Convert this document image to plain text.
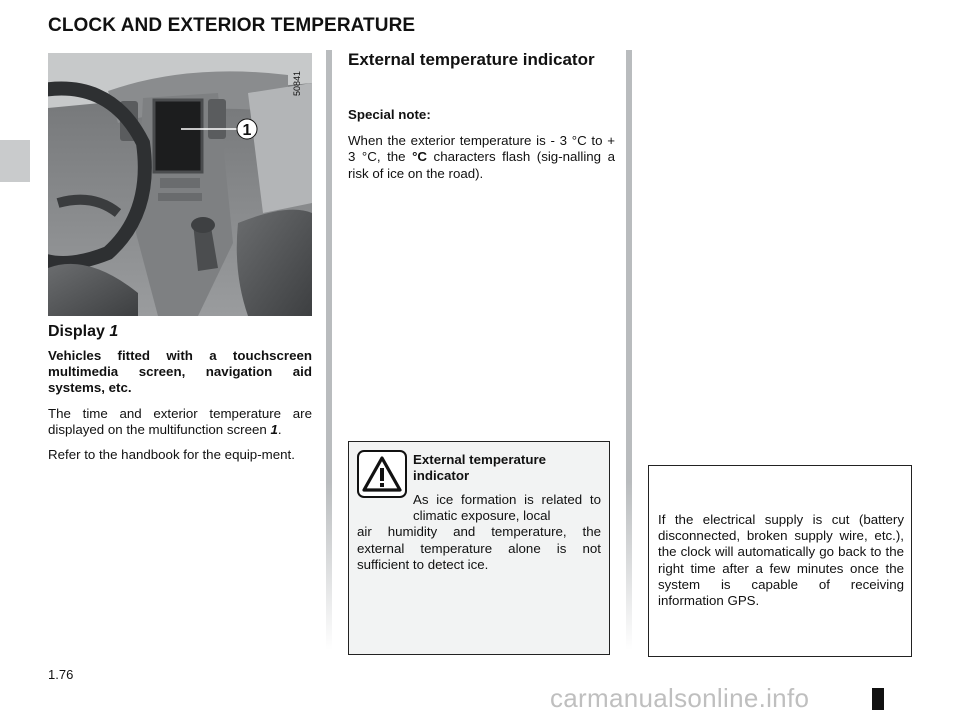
CLOCK AND EXTERIOR TEMPERATURE
1
50841
Display 1

Vehicles fitted with a touchscreen multimedia screen, navigation aid systems, etc.

The time and exterior temperature are displayed on the multifunction screen 1.

Refer to the handbook for the equip-ment.

External temperature indicator

Special note:

When the exterior temperature is - 3 °C to + 3 °C, the °C characters flash (sig-nalling a risk of ice on the road).

External temperature indicator
As ice formation is related to climatic exposure, local
air humidity and temperature, the external temperature alone is not sufficient to detect ice.
If the electrical supply is cut (battery disconnected, broken supply wire, etc.), the clock will automatically go back to the right time after a few minutes once the system is capable of receiving information GPS.
1.76
carmanualsonline.info
